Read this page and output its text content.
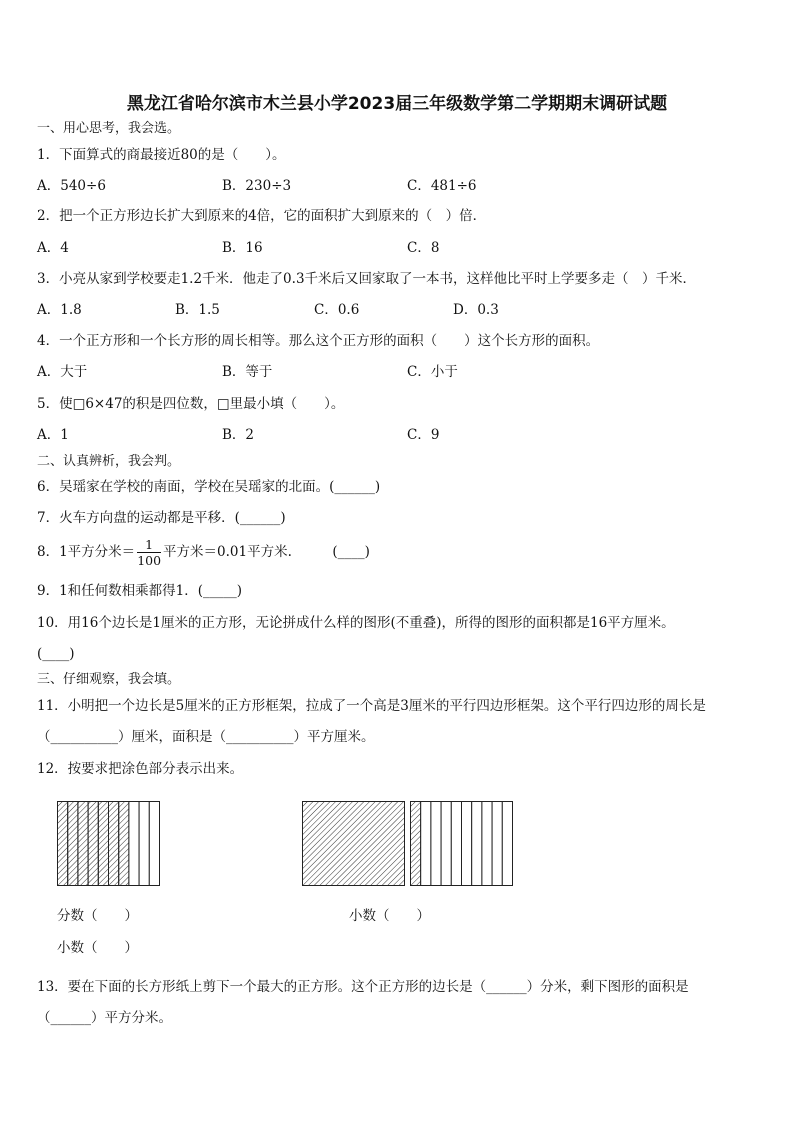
黑龙江省哈尔滨市木兰县小学2023届三年级数学第二学期期末调研试题
一、用心思考，我会选。
1．下面算式的商最接近80的是（　　）。
A．540÷6	B．230÷3	C．481÷6
2．把一个正方形边长扩大到原来的4倍，它的面积扩大到原来的（　）倍．
A．4	B．16	C．8
3．小亮从家到学校要走1.2千米．他走了0.3千米后又回家取了一本书，这样他比平时上学要多走（　）千米．
A．1.8	B．1.5	C．0.6	D．0.3
4．一个正方形和一个长方形的周长相等。那么这个正方形的面积（　　）这个长方形的面积。
A．大于	B．等于	C．小于
5．使□6×47的积是四位数，□里最小填（　　）。
A．1	B．2	C．9
二、认真辨析，我会判。
6．吴瑶家在学校的南面，学校在吴瑶家的北面。(______)
7．火车方向盘的运动都是平移．(______)
8．1平方分米＝ $\frac{1}{100}$ 平方米＝0.01平方米.　　　(____)
9．1和任何数相乘都得1．(_____)
10．用16个边长是1厘米的正方形，无论拼成什么样的图形(不重叠)，所得的图形的面积都是16平方厘米。
(____)
三、仔细观察，我会填。
11．小明把一个边长是5厘米的正方形框架，拉成了一个高是3厘米的平行四边形框架。这个平行四边形的周长是
（__________）厘米，面积是（__________）平方厘米。
12．按要求把涂色部分表示出来。
分数（　　）	小数（　　）
小数（　　）
13．要在下面的长方形纸上剪下一个最大的正方形。这个正方形的边长是（______）分米，剩下图形的面积是
（______）平方分米。
